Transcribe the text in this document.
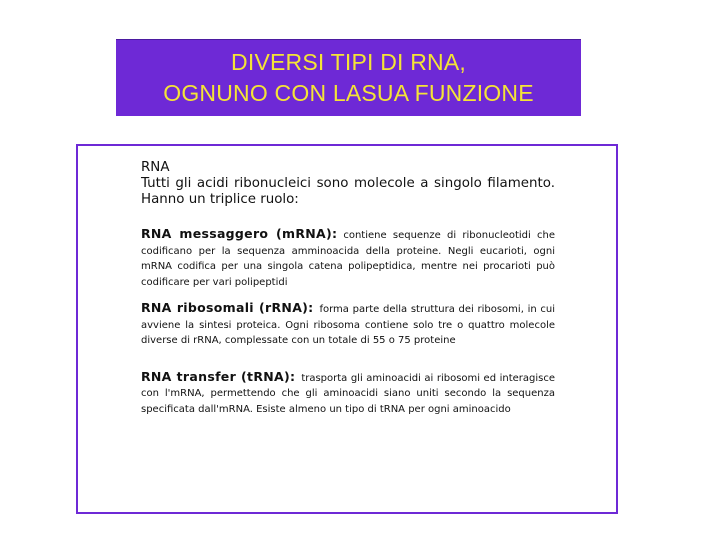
DIVERSI TIPI DI RNA,
OGNUNO CON LASUA FUNZIONE
RNA
Tutti gli acidi ribonucleici sono molecole a singolo filamento. Hanno un triplice ruolo:
RNA messaggero (mRNA): contiene sequenze di ribonucleotidi che codificano per la sequenza amminoacida della proteine. Negli eucarioti, ogni mRNA codifica per una singola catena polipeptidica, mentre nei procarioti può codificare per vari polipeptidi
RNA ribosomali (rRNA): forma parte della struttura dei ribosomi, in cui avviene la sintesi proteica. Ogni ribosoma contiene solo tre o quattro molecole diverse di rRNA, complessate con un totale di 55 o 75 proteine
RNA transfer (tRNA): trasporta gli aminoacidi ai ribosomi ed interagisce con l'mRNA, permettendo che gli aminoacidi siano uniti secondo la sequenza specificata dall'mRNA. Esiste almeno un tipo di tRNA per ogni aminoacido
